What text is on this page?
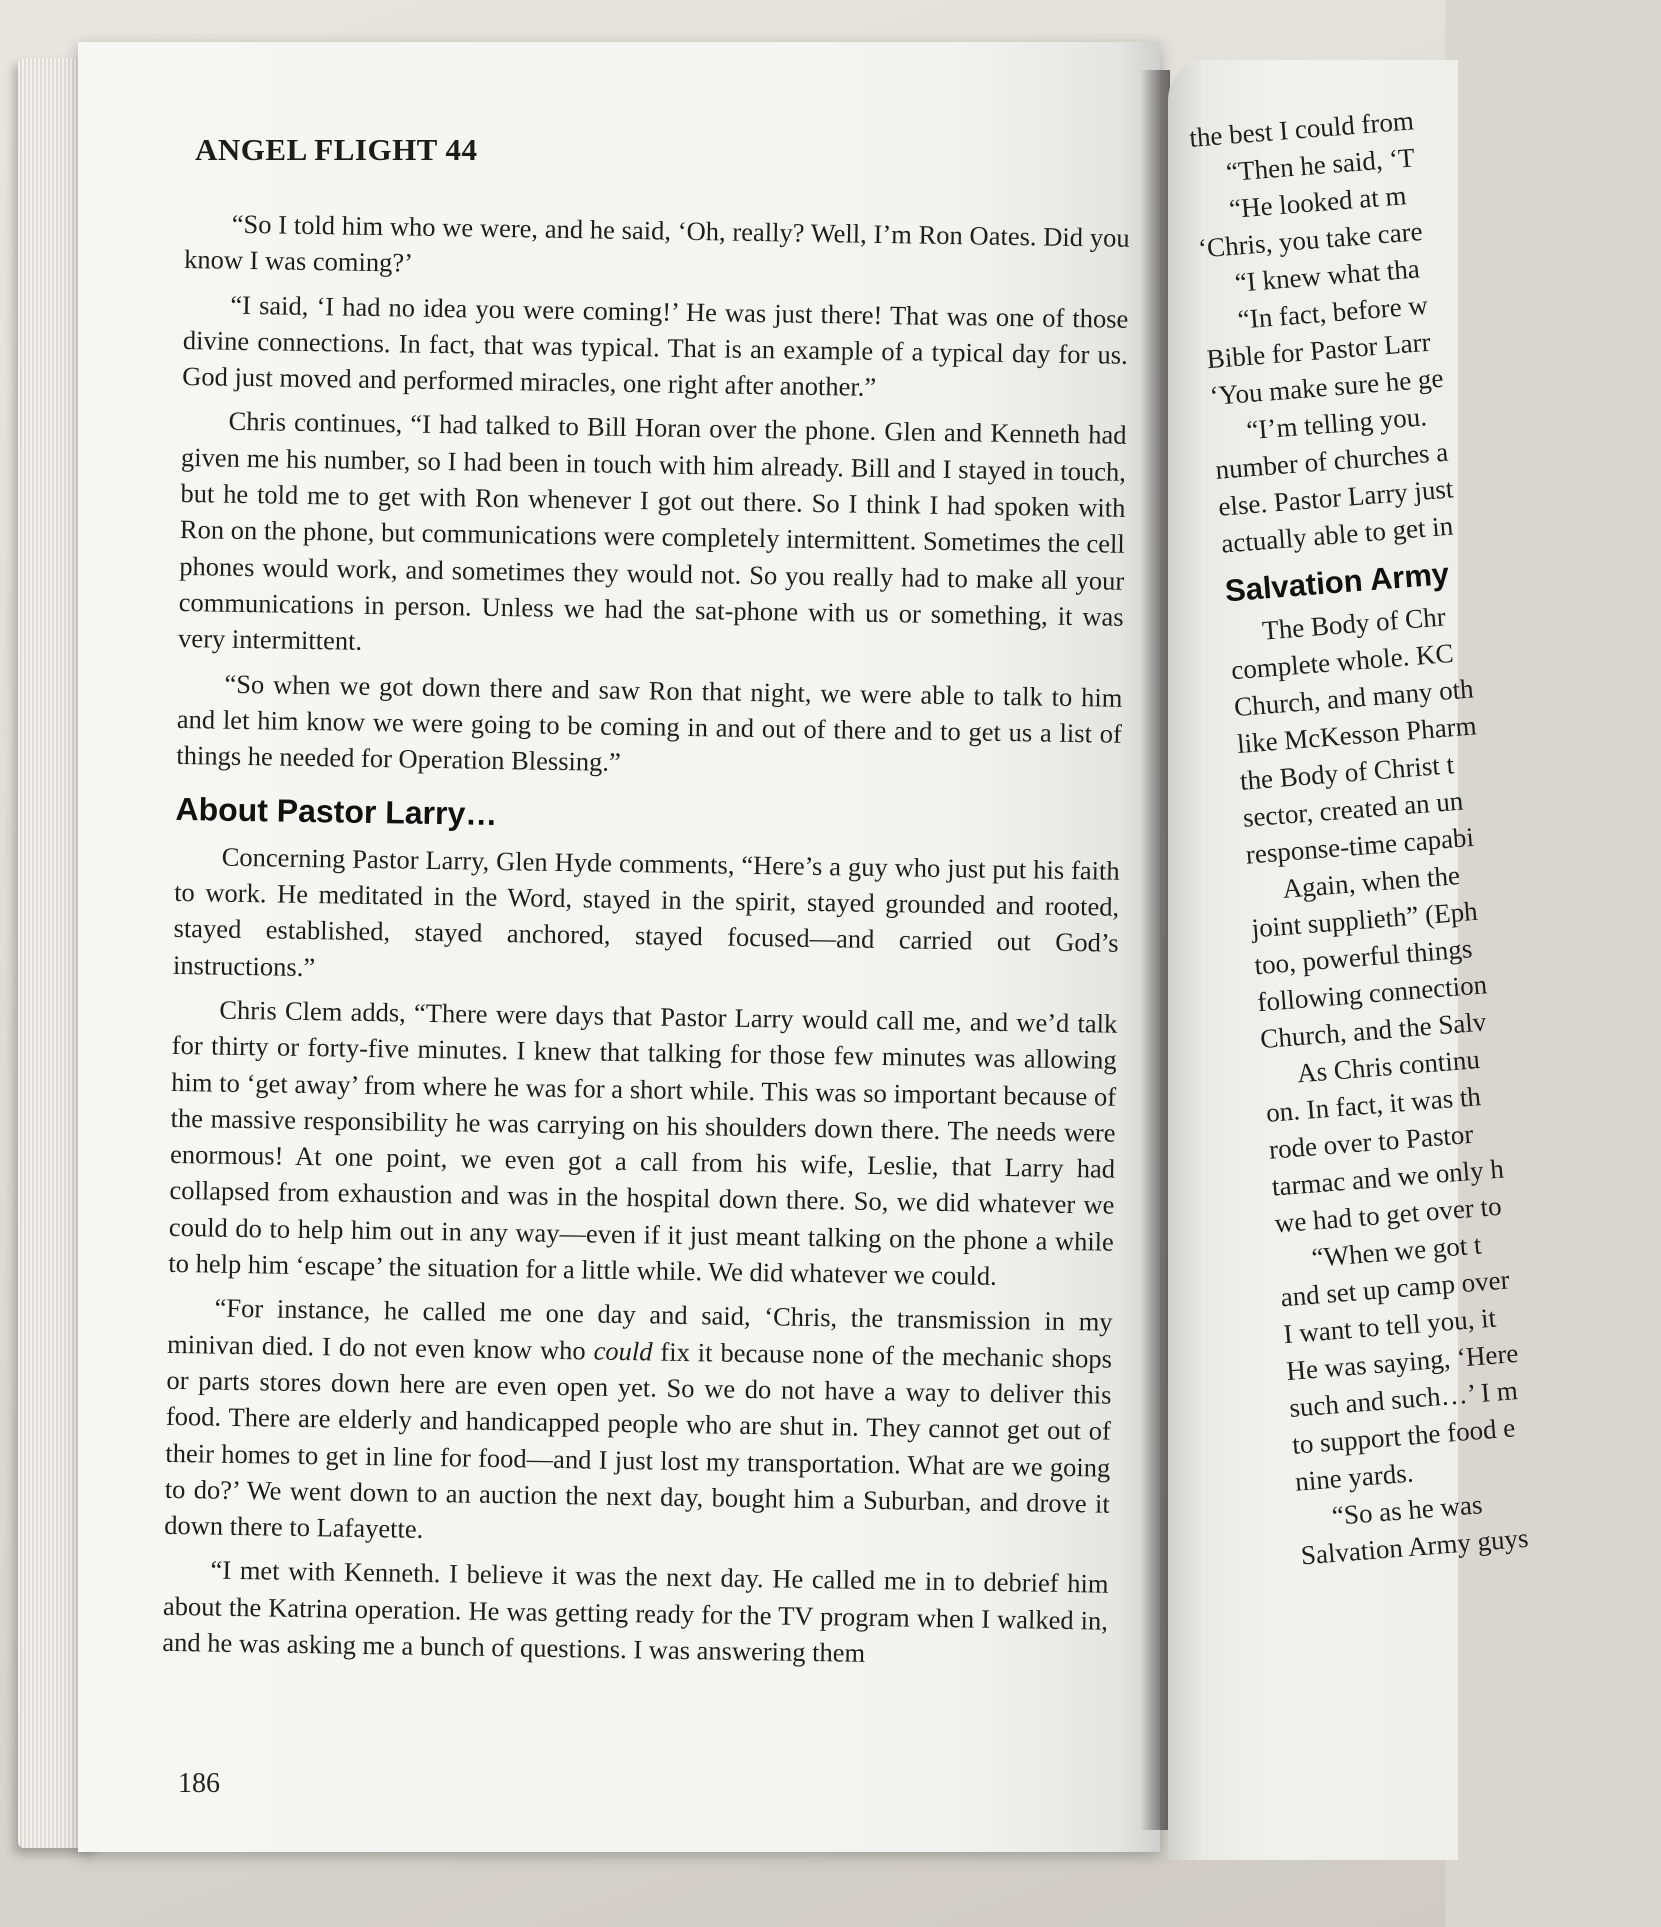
the best I could from
“Then he said, ‘T
“He looked at m
‘Chris, you take care
“I knew what tha
“In fact, before w
Bible for Pastor Larr
‘You make sure he ge
“I’m telling you.
number of churches a
else. Pastor Larry just
actually able to get in
Salvation Army
The Body of Chr
complete whole. KC
Church, and many oth
like McKesson Pharm
the Body of Christ t
sector, created an un
response-time capabi
Again, when the
joint supplieth” (Eph
too, powerful things
following connection
Church, and the Salv
As Chris continu
on. In fact, it was th
rode over to Pastor
tarmac and we only h
we had to get over to
“When we got t
and set up camp over
I want to tell you, it
He was saying, ‘Here
such and such…’ I m
to support the food e
nine yards.
“So as he was
Salvation Army guys
ANGEL FLIGHT 44

“So I told him who we were, and he said, ‘Oh, really? Well, I’m Ron Oates. Did you know I was coming?’

“I said, ‘I had no idea you were coming!’ He was just there! That was one of those divine connections. In fact, that was typical. That is an example of a typical day for us. God just moved and performed miracles, one right after another.”

Chris continues, “I had talked to Bill Horan over the phone. Glen and Kenneth had given me his number, so I had been in touch with him already. Bill and I stayed in touch, but he told me to get with Ron whenever I got out there. So I think I had spoken with Ron on the phone, but communications were completely intermittent. Sometimes the cell phones would work, and sometimes they would not. So you really had to make all your communications in person. Unless we had the sat-phone with us or something, it was very intermittent.

“So when we got down there and saw Ron that night, we were able to talk to him and let him know we were going to be coming in and out of there and to get us a list of things he needed for Operation Blessing.”

About Pastor Larry…

Concerning Pastor Larry, Glen Hyde comments, “Here’s a guy who just put his faith to work. He meditated in the Word, stayed in the spirit, stayed grounded and rooted, stayed established, stayed anchored, stayed focused—and carried out God’s instructions.”

Chris Clem adds, “There were days that Pastor Larry would call me, and we’d talk for thirty or forty-five minutes. I knew that talking for those few minutes was allowing him to ‘get away’ from where he was for a short while. This was so important because of the massive responsibility he was carrying on his shoulders down there. The needs were enormous! At one point, we even got a call from his wife, Leslie, that Larry had collapsed from exhaustion and was in the hospital down there. So, we did whatever we could do to help him out in any way—even if it just meant talking on the phone a while to help him ‘escape’ the situation for a little while. We did whatever we could.

“For instance, he called me one day and said, ‘Chris, the transmission in my minivan died. I do not even know who could fix it because none of the mechanic shops or parts stores down here are even open yet. So we do not have a way to deliver this food. There are elderly and handicapped people who are shut in. They cannot get out of their homes to get in line for food—and I just lost my transportation. What are we going to do?’ We went down to an auction the next day, bought him a Suburban, and drove it down there to Lafayette.

“I met with Kenneth. I believe it was the next day. He called me in to debrief him about the Katrina operation. He was getting ready for the TV program when I walked in, and he was asking me a bunch of questions. I was answering them

186
